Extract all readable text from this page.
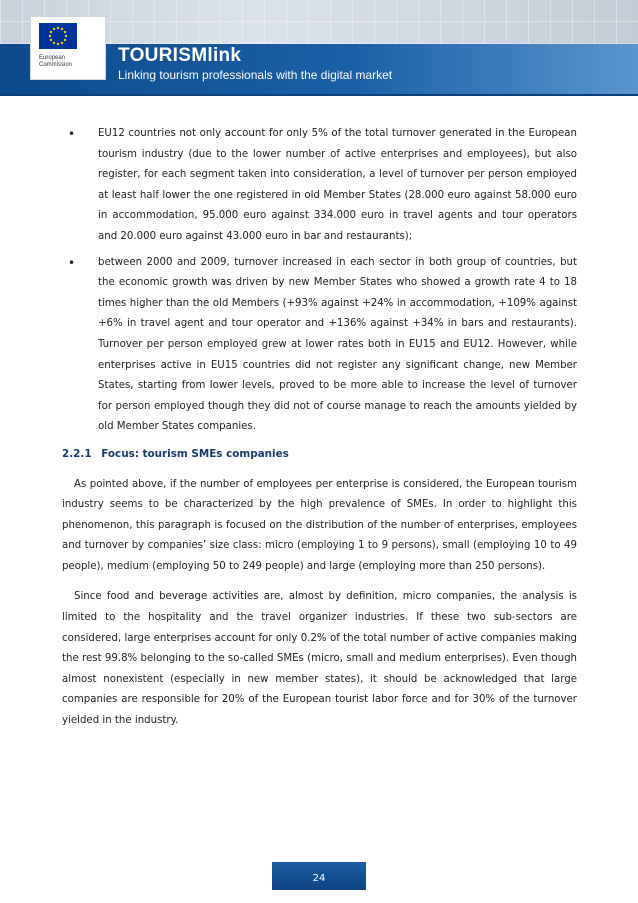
European
Commission TOURISMlink
Linking tourism professionals with the digital market
• EU12 countries not only account for only 5% of the total turnover generated in the European tourism industry (due to the lower number of active enterprises and employees), but also register, for each segment taken into consideration, a level of turnover per person employed at least half lower the one registered in old Member States (28.000 euro against 58.000 euro in accommodation, 95.000 euro against 334.000 euro in travel agents and tour operators and 20.000 euro against 43.000 euro in bar and restaurants);
• between 2000 and 2009, turnover increased in each sector in both group of countries, but the economic growth was driven by new Member States who showed a growth rate 4 to 18 times higher than the old Members (+93% against +24% in accommodation, +109% against +6% in travel agent and tour operator and +136% against +34% in bars and restaurants). Turnover per person employed grew at lower rates both in EU15 and EU12. However, while enterprises active in EU15 countries did not register any significant change, new Member States, starting from lower levels, proved to be more able to increase the level of turnover for person employed though they did not of course manage to reach the amounts yielded by old Member States companies.
2.2.1 Focus: tourism SMEs companies

As pointed above, if the number of employees per enterprise is considered, the European tourism industry seems to be characterized by the high prevalence of SMEs. In order to highlight this phenomenon, this paragraph is focused on the distribution of the number of enterprises, employees and turnover by companies’ size class: micro (employing 1 to 9 persons), small (employing 10 to 49 people), medium (employing 50 to 249 people) and large (employing more than 250 persons).

Since food and beverage activities are, almost by definition, micro companies, the analysis is limited to the hospitality and the travel organizer industries. If these two sub-sectors are considered, large enterprises account for only 0.2% of the total number of active companies making the rest 99.8% belonging to the so-called SMEs (micro, small and medium enterprises). Even though almost nonexistent (especially in new member states), it should be acknowledged that large companies are responsible for 20% of the European tourist labor force and for 30% of the turnover yielded in the industry.

24
